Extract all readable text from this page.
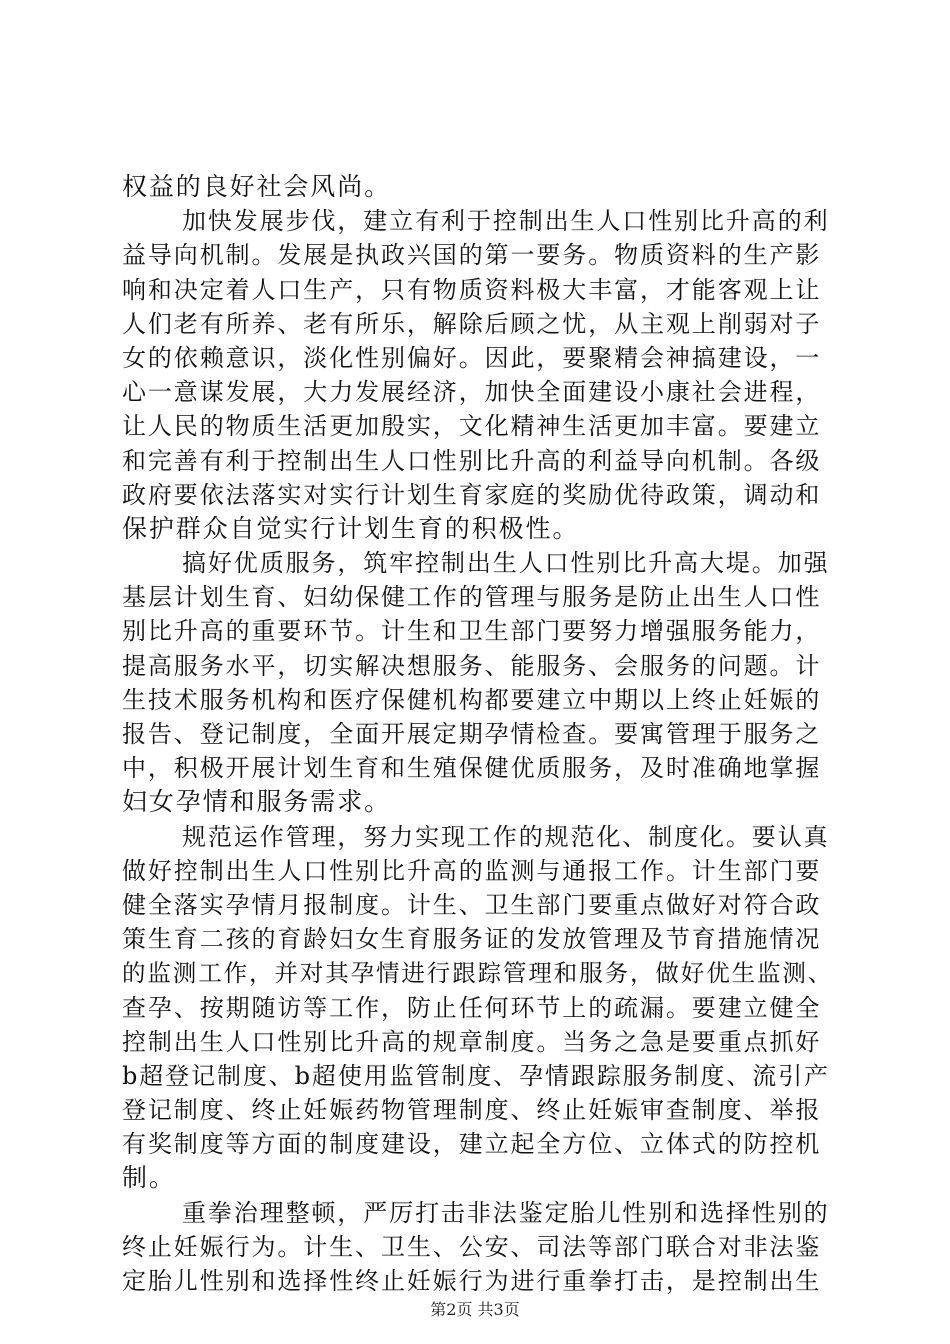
权益的良好社会风尚。
加快发展步伐，建立有利于控制出生人口性别比升高的利
益导向机制。发展是执政兴国的第一要务。物质资料的生产影
响和决定着人口生产，只有物质资料极大丰富，才能客观上让
人们老有所养、老有所乐，解除后顾之忧，从主观上削弱对子
女的依赖意识，淡化性别偏好。因此，要聚精会神搞建设，一
心一意谋发展，大力发展经济，加快全面建设小康社会进程，
让人民的物质生活更加殷实，文化精神生活更加丰富。要建立
和完善有利于控制出生人口性别比升高的利益导向机制。各级
政府要依法落实对实行计划生育家庭的奖励优待政策，调动和
保护群众自觉实行计划生育的积极性。
搞好优质服务，筑牢控制出生人口性别比升高大堤。加强
基层计划生育、妇幼保健工作的管理与服务是防止出生人口性
别比升高的重要环节。计生和卫生部门要努力增强服务能力，
提高服务水平，切实解决想服务、能服务、会服务的问题。计
生技术服务机构和医疗保健机构都要建立中期以上终止妊娠的
报告、登记制度，全面开展定期孕情检查。要寓管理于服务之
中，积极开展计划生育和生殖保健优质服务，及时准确地掌握
妇女孕情和服务需求。
规范运作管理，努力实现工作的规范化、制度化。要认真
做好控制出生人口性别比升高的监测与通报工作。计生部门要
健全落实孕情月报制度。计生、卫生部门要重点做好对符合政
策生育二孩的育龄妇女生育服务证的发放管理及节育措施情况
的监测工作，并对其孕情进行跟踪管理和服务，做好优生监测、
查孕、按期随访等工作，防止任何环节上的疏漏。要建立健全
控制出生人口性别比升高的规章制度。当务之急是要重点抓好
b超登记制度、b超使用监管制度、孕情跟踪服务制度、流引产
登记制度、终止妊娠药物管理制度、终止妊娠审查制度、举报
有奖制度等方面的制度建设，建立起全方位、立体式的防控机
制。
重拳治理整顿，严厉打击非法鉴定胎儿性别和选择性别的
终止妊娠行为。计生、卫生、公安、司法等部门联合对非法鉴
定胎儿性别和选择性终止妊娠行为进行重拳打击，是控制出生
第2页 共3页
